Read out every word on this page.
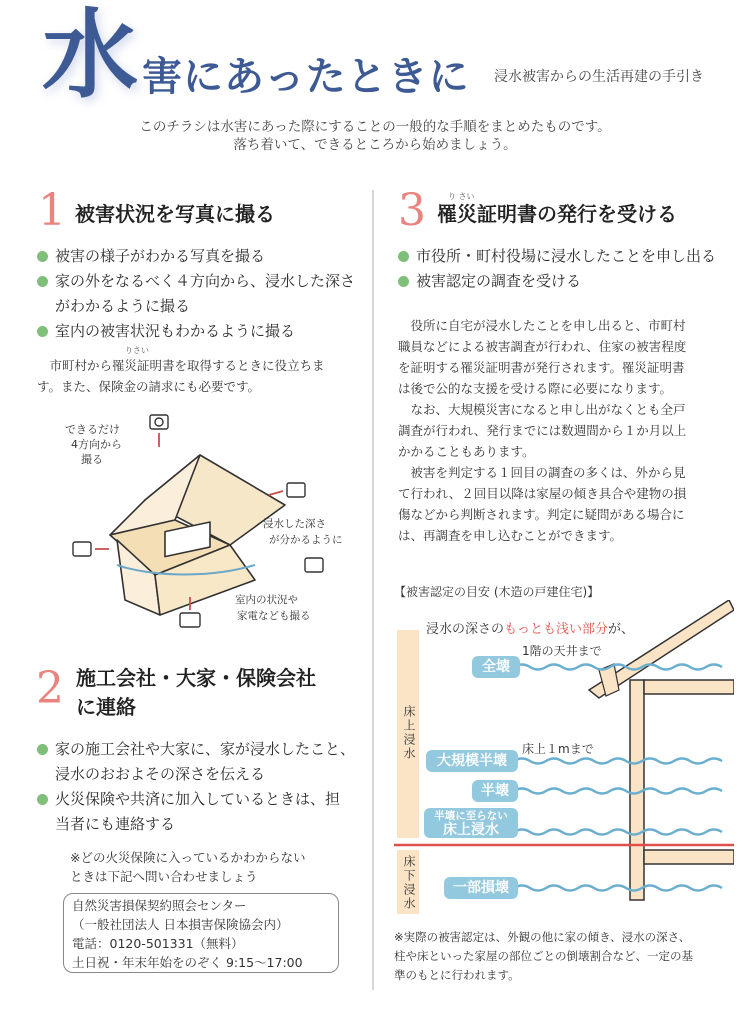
水 害にあったときに 浸水被害からの生活再建の手引き
このチラシは水害にあった際にすることの一般的な手順をまとめたものです。
落ち着いて、できるところから始めましょう。
1 被害状況を写真に撮る
被害の様子がわかる写真を撮る
家の外をなるべく４方向から、浸水した深さ
がわかるように撮る
室内の被害状況もわかるように撮る
りさい
市町村から罹災証明書を取得するときに役立ちま
す。また、保険金の請求にも必要です。
できるだけ
4方向から
撮る
浸水した深さ
が分かるように
室内の状況や
家電なども撮る
2 施工会社・大家・保険会社
に連絡
家の施工会社や大家に、家が浸水したこと、
浸水のおおよその深さを伝える
火災保険や共済に加入しているときは、担
当者にも連絡する
※どの火災保険に入っているかわからない
ときは下記へ問い合わせましょう
自然災害損保契約照会センター
（一般社団法人 日本損害保険協会内）
電話：0120-501331（無料）
土日祝・年末年始をのぞく 9:15〜17:00
3	り さい
罹災証明書の発行を受ける
市役所・町村役場に浸水したことを申し出る
被害認定の調査を受ける
役所に自宅が浸水したことを申し出ると、市町村
職員などによる被害調査が行われ、住家の被害程度
を証明する罹災証明書が発行されます。罹災証明書
は後で公的な支援を受ける際に必要になります。
なお、大規模災害になると申し出がなくとも全戸
調査が行われ、発行までには数週間から１か月以上
かかることもあります。
被害を判定する１回目の調査の多くは、外から見
て行われ、２回目以降は家屋の傾き具合や建物の損
傷などから判断されます。判定に疑問がある場合に
は、再調査を申し込むことができます。
【被害認定の目安 (木造の戸建住宅)】
浸水の深さのもっとも浅い部分が、
1階の天井まで
床上１mまで
全壊
大規模半壊
半壊
半壊に至らない
床上浸水
一部損壊
床上浸水
床下浸水
※実際の被害認定は、外観の他に家の傾き、浸水の深さ、
柱や床といった家屋の部位ごとの倒壊割合など、一定の基
準のもとに行われます。
